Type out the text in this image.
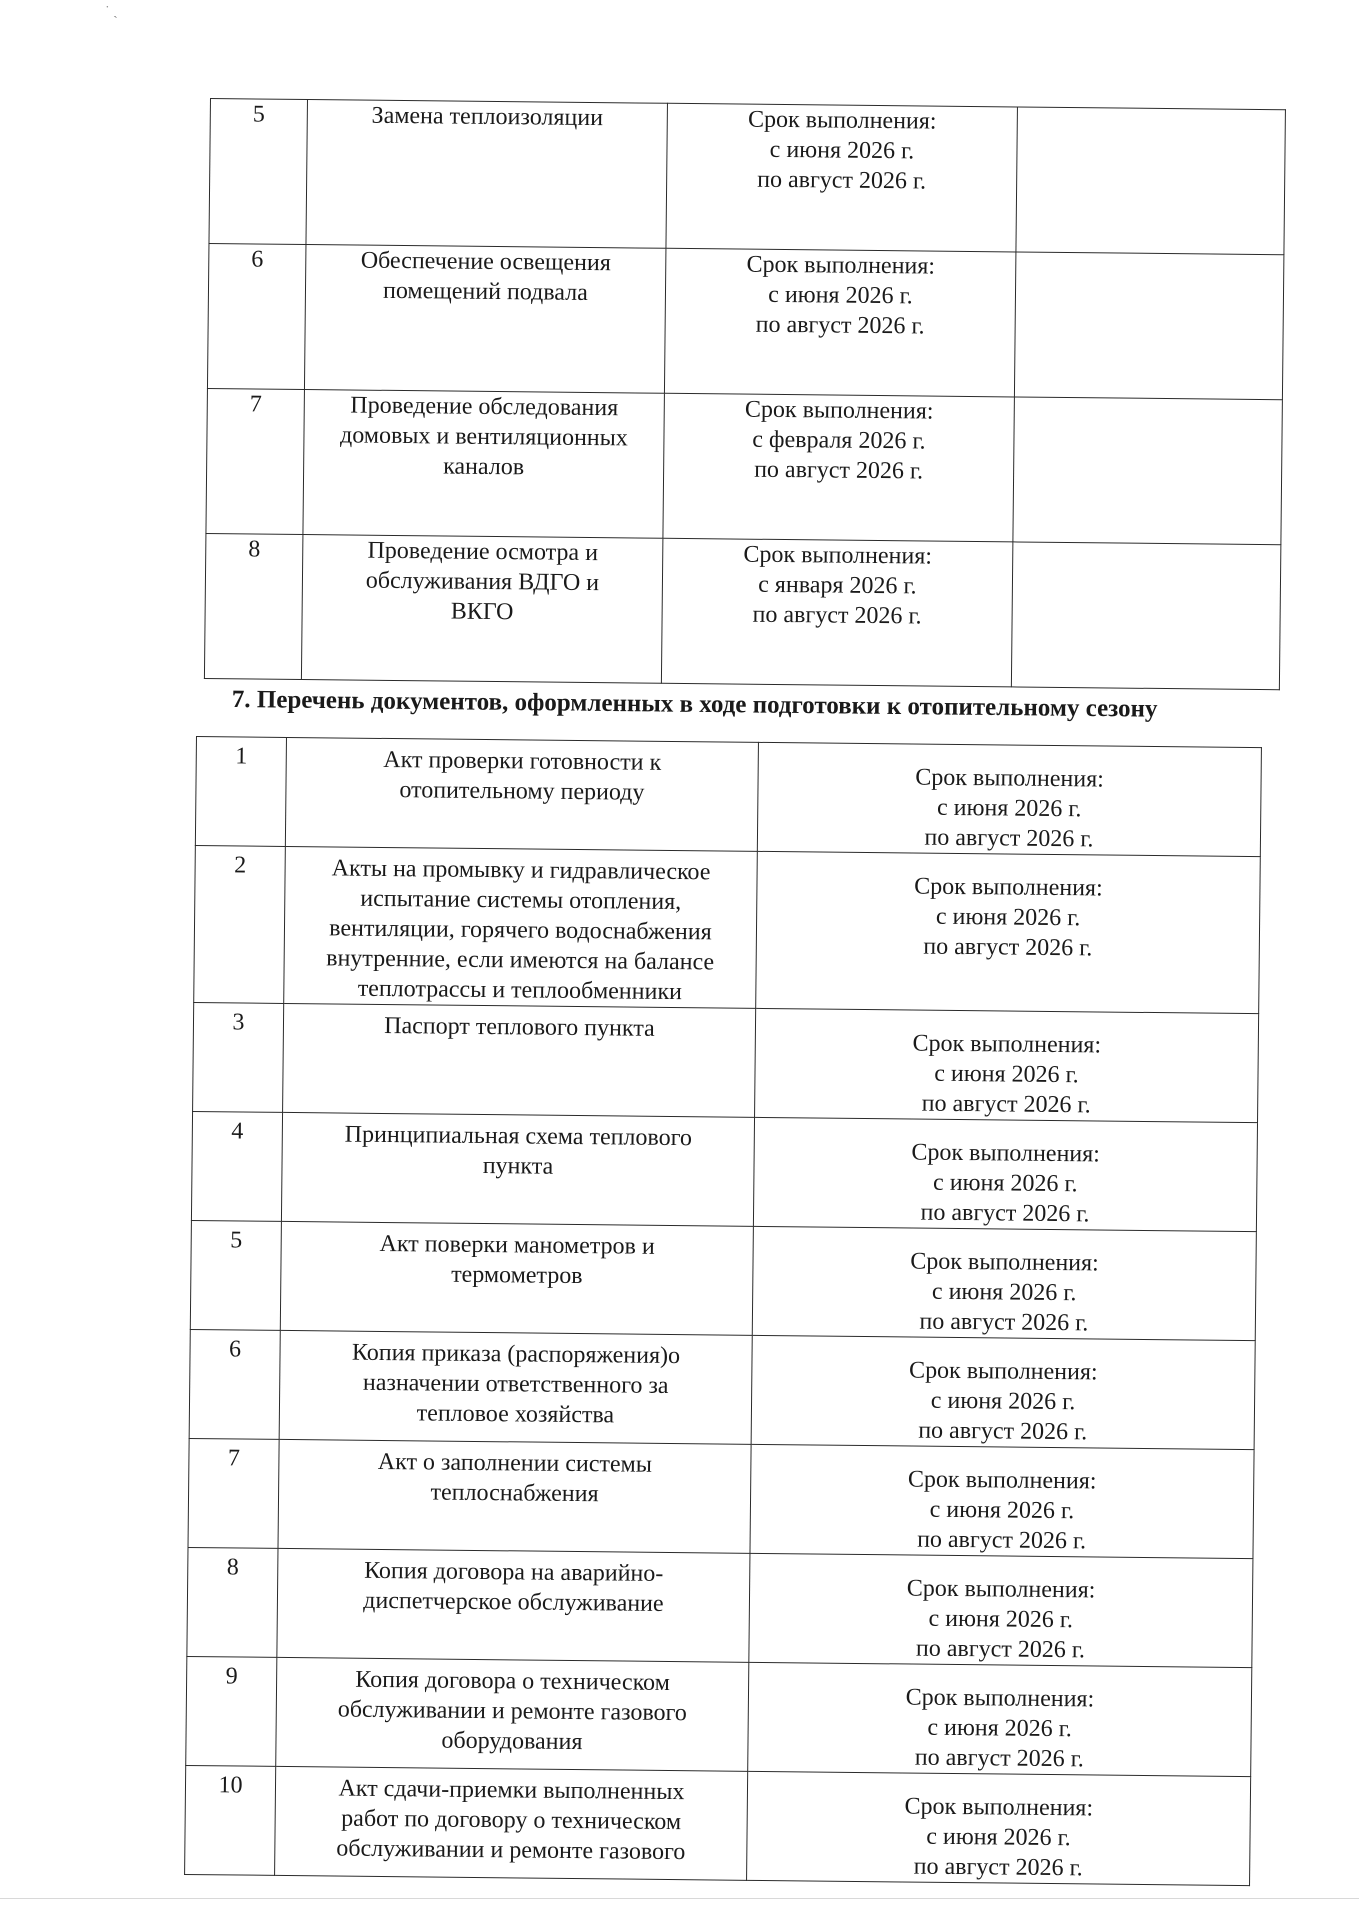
˙ ˏ
5	Замена теплоизоляции	Срок выполнения:
с июня 2026 г.
по август 2026 г.	

6	Обеспечение освещения
помещений подвала	Срок выполнения:
с июня 2026 г.
по август 2026 г.	

7	Проведение обследования
домовых и вентиляционных
каналов	Срок выполнения:
с февраля 2026 г.
по август 2026 г.	

8	Проведение осмотра и
обслуживания ВДГО и
ВКГО	Срок выполнения:
с января 2026 г.
по август 2026 г.	

7. Перечень документов, оформленных в ходе подготовки к отопительному сезону
1	Акт проверки готовности к
отопительному периоду	Срок выполнения:
с июня 2026 г.
по август 2026 г.

2	Акты на промывку и гидравлическое
испытание системы отопления,
вентиляции, горячего водоснабжения
внутренние, если имеются на балансе
теплотрассы и теплообменники	Срок выполнения:
с июня 2026 г.
по август 2026 г.

3	Паспорт теплового пункта	Срок выполнения:
с июня 2026 г.
по август 2026 г.

4	Принципиальная схема теплового
пункта	Срок выполнения:
с июня 2026 г.
по август 2026 г.

5	Акт поверки манометров и
термометров	Срок выполнения:
с июня 2026 г.
по август 2026 г.

6	Копия приказа (распоряжения)о
назначении ответственного за
тепловое хозяйства	Срок выполнения:
с июня 2026 г.
по август 2026 г.

7	Акт о заполнении системы
теплоснабжения	Срок выполнения:
с июня 2026 г.
по август 2026 г.

8	Копия договора на аварийно-
диспетчерское обслуживание	Срок выполнения:
с июня 2026 г.
по август 2026 г.

9	Копия договора о техническом
обслуживании и ремонте газового
оборудования	Срок выполнения:
с июня 2026 г.
по август 2026 г.

10	Акт сдачи-приемки выполненных
работ по договору о техническом
обслуживании и ремонте газового	Срок выполнения:
с июня 2026 г.
по август 2026 г.
